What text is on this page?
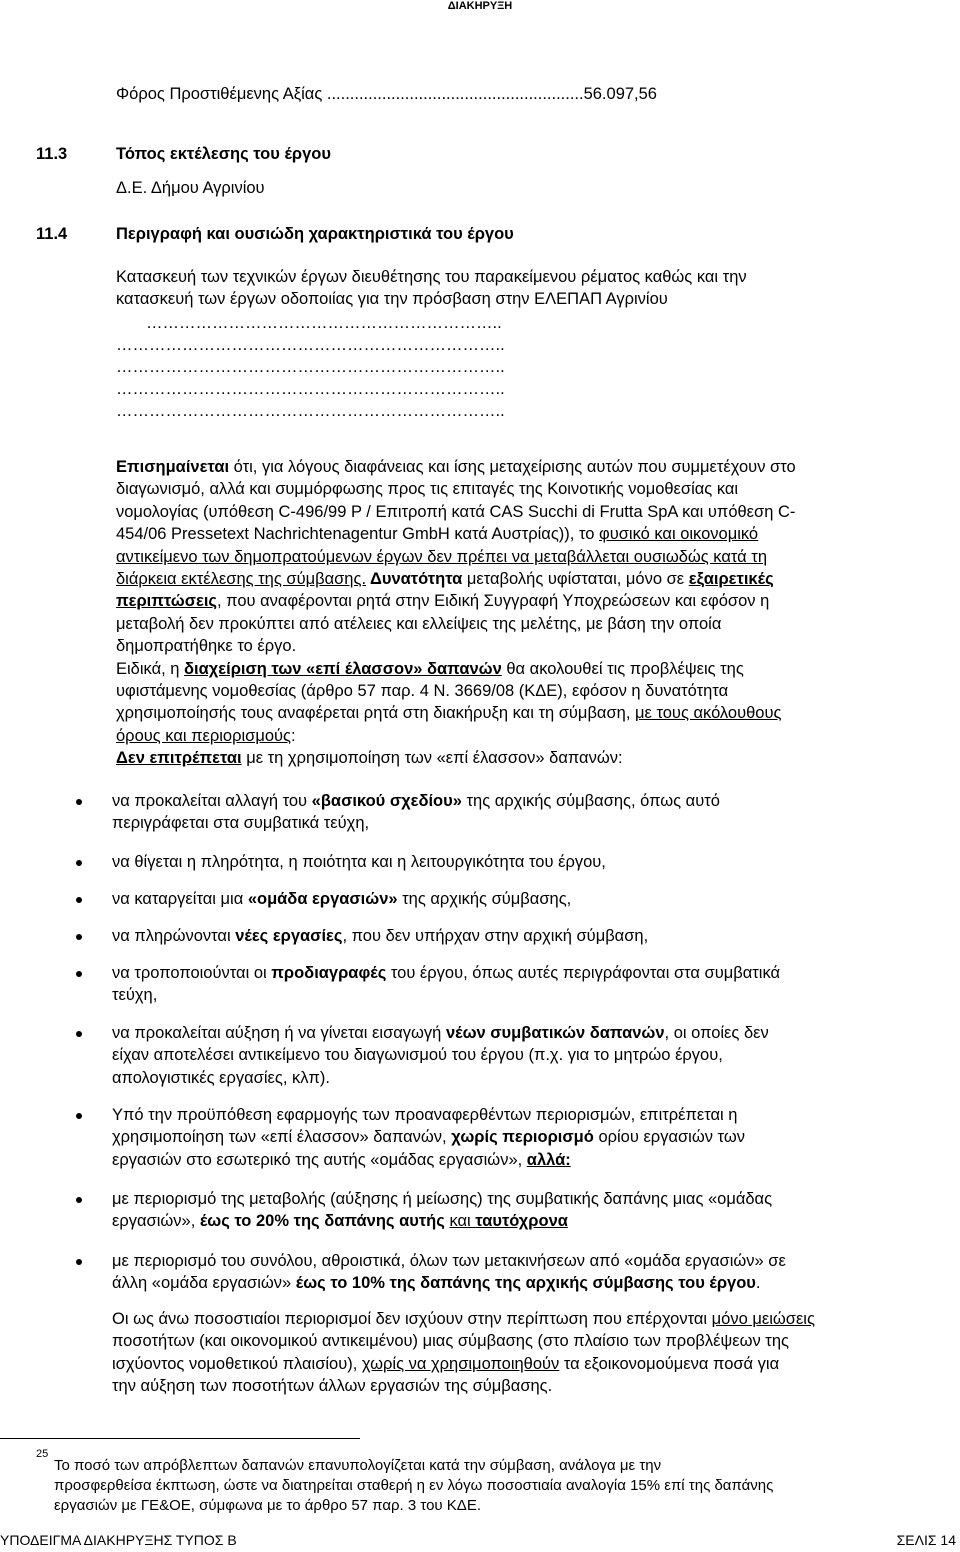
ΔΙΑΚΗΡΥΞΗ
Φόρος Προστιθέμενης Αξίας ........................................................56.097,56
11.3	Τόπος εκτέλεσης του έργου
Δ.Ε. Δήμου Αγρινίου
11.4	Περιγραφή και ουσιώδη χαρακτηριστικά του έργου
Κατασκευή των τεχνικών έργων διευθέτησης του παρακείμενου ρέματος καθώς και την
κατασκευή των έργων οδοποιίας για την πρόσβαση στην ΕΛΕΠΑΠ Αγρινίου
………………………………………………………..
……………………………………………………………..
……………………………………………………………..
……………………………………………………………..
……………………………………………………………..
Επισημαίνεται ότι, για λόγους διαφάνειας και ίσης μεταχείρισης αυτών που συμμετέχουν στο
διαγωνισμό, αλλά και συμμόρφωσης προς τις επιταγές της Κοινοτικής νομοθεσίας και
νομολογίας (υπόθεση C-496/99 P / Επιτροπή κατά CAS Succhi di Frutta SpA και υπόθεση C-
454/06 Pressetext Nachrichtenagentur GmbH κατά Αυστρίας)), το φυσικό και οικονομικό
αντικείμενο των δημοπρατούμενων έργων δεν πρέπει να μεταβάλλεται ουσιωδώς κατά τη
διάρκεια εκτέλεσης της σύμβασης. Δυνατότητα μεταβολής υφίσταται, μόνο σε εξαιρετικές
περιπτώσεις, που αναφέρονται ρητά στην Ειδική Συγγραφή Υποχρεώσεων και εφόσον η
μεταβολή δεν προκύπτει από ατέλειες και ελλείψεις της μελέτης, με βάση την οποία
δημοπρατήθηκε το έργο.
Ειδικά, η διαχείριση των «επί έλασσον» δαπανών θα ακολουθεί τις προβλέψεις της
υφιστάμενης νομοθεσίας (άρθρο 57 παρ. 4 Ν. 3669/08 (ΚΔΕ), εφόσον η δυνατότητα
χρησιμοποίησής τους αναφέρεται ρητά στη διακήρυξη και τη σύμβαση, με τους ακόλουθους
όρους και περιορισμούς:
Δεν επιτρέπεται με τη χρησιμοποίηση των «επί έλασσον» δαπανών:
να προκαλείται αλλαγή του «βασικού σχεδίου» της αρχικής σύμβασης, όπως αυτό
περιγράφεται στα συμβατικά τεύχη,
να θίγεται η πληρότητα, η ποιότητα και η λειτουργικότητα του έργου,
να καταργείται μια «ομάδα εργασιών» της αρχικής σύμβασης,
να πληρώνονται νέες εργασίες, που δεν υπήρχαν στην αρχική σύμβαση,
να τροποποιούνται οι προδιαγραφές του έργου, όπως αυτές περιγράφονται στα συμβατικά
τεύχη,
να προκαλείται αύξηση ή να γίνεται εισαγωγή νέων συμβατικών δαπανών, οι οποίες δεν
είχαν αποτελέσει αντικείμενο του διαγωνισμού του έργου (π.χ. για το μητρώο έργου,
απολογιστικές εργασίες, κλπ).
Υπό την προϋπόθεση εφαρμογής των προαναφερθέντων περιορισμών, επιτρέπεται η
χρησιμοποίηση των «επί έλασσον» δαπανών, χωρίς περιορισμό ορίου εργασιών των
εργασιών στο εσωτερικό της αυτής «ομάδας εργασιών», αλλά:
με περιορισμό της μεταβολής (αύξησης ή μείωσης) της συμβατικής δαπάνης μιας «ομάδας
εργασιών», έως το 20% της δαπάνης αυτής και ταυτόχρονα
με περιορισμό του συνόλου, αθροιστικά, όλων των μετακινήσεων από «ομάδα εργασιών» σε
άλλη «ομάδα εργασιών» έως το 10% της δαπάνης της αρχικής σύμβασης του έργου.
Οι ως άνω ποσοστιαίοι περιορισμοί δεν ισχύουν στην περίπτωση που επέρχονται μόνο μειώσεις
ποσοτήτων (και οικονομικού αντικειμένου) μιας σύμβασης (στο πλαίσιο των προβλέψεων της
ισχύοντος νομοθετικού πλαισίου), χωρίς να χρησιμοποιηθούν τα εξοικονομούμενα ποσά για
την αύξηση των ποσοτήτων άλλων εργασιών της σύμβασης.
25
Το ποσό των απρόβλεπτων δαπανών επανυπολογίζεται κατά την σύμβαση, ανάλογα με την
προσφερθείσα έκπτωση, ώστε να διατηρείται σταθερή η εν λόγω ποσοστιαία αναλογία 15% επί της δαπάνης
εργασιών με ΓΕ&ΟΕ, σύμφωνα με το άρθρο 57 παρ. 3 του ΚΔΕ.
ΥΠΟΔΕΙΓΜΑ ΔΙΑΚΗΡΥΞΗΣ ΤΥΠΟΣ Β	ΣΕΛΙΣ 14
